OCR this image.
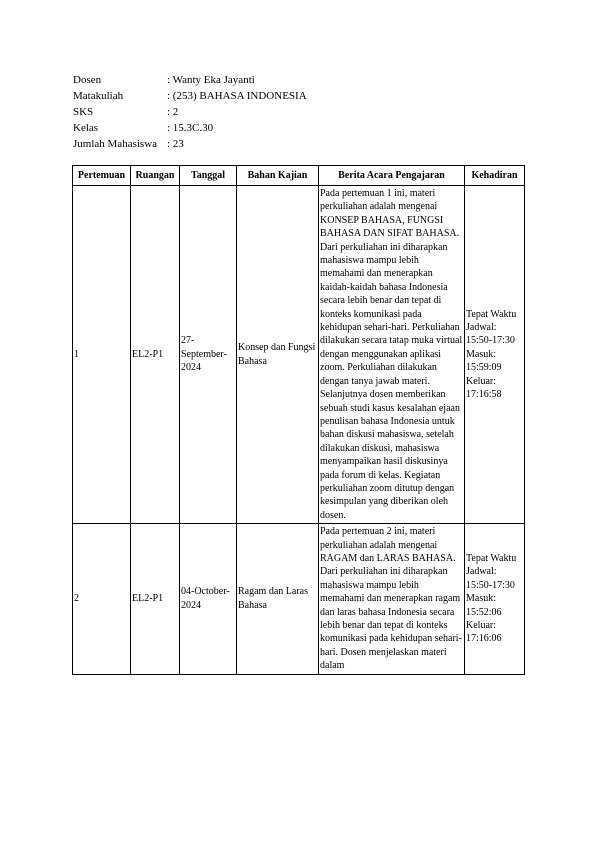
Dosen	: Wanty Eka Jayanti
Matakuliah	: (253) BAHASA INDONESIA
SKS	: 2
Kelas	: 15.3C.30
Jumlah Mahasiswa : 23
Pertemuan	Ruangan	Tanggal	Bahan Kajian	Berita Acara Pengajaran	Kehadiran
1	EL2-P1	27-September-2024	Konsep dan Fungsi Bahasa	Pada pertemuan 1 ini, materi perkuliahan adalah mengenai KONSEP BAHASA, FUNGSI BAHASA DAN SIFAT BAHASA. Dari perkuliahan ini diharapkan mahasiswa mampu lebih memahami dan menerapkan kaidah-kaidah bahasa Indonesia secara lebih benar dan tepat di konteks komunikasi pada kehidupan sehari-hari. Perkuliahan dilakukan secara tatap muka virtual dengan menggunakan aplikasi zoom. Perkuliahan dilakukan dengan tanya jawab materi. Selanjutnya dosen memberikan sebuah studi kasus kesalahan ejaan penulisan bahasa Indonesia untuk bahan diskusi mahasiswa, setelah dilakukan diskusi, mahasiswa menyampaikan hasil diskusinya pada forum di kelas. Kegiatan perkuliahan zoom ditutup dengan kesimpulan yang diberikan oleh dosen.	Tepat Waktu Jadwal: 15:50-17:30 Masuk: 15:59:09 Keluar: 17:16:58
2	EL2-P1	04-October-2024	Ragam dan Laras Bahasa	Pada pertemuan 2 ini, materi perkuliahan adalah mengenai RAGAM dan LARAS BAHASA. Dari perkuliahan ini diharapkan mahasiswa mampu lebih memahami dan menerapkan ragam dan laras bahasa Indonesia secara lebih benar dan tepat di konteks komunikasi pada kehidupan sehari-hari. Dosen menjelaskan materi dalam	Tepat Waktu Jadwal: 15:50-17:30 Masuk: 15:52:06 Keluar: 17:16:06
